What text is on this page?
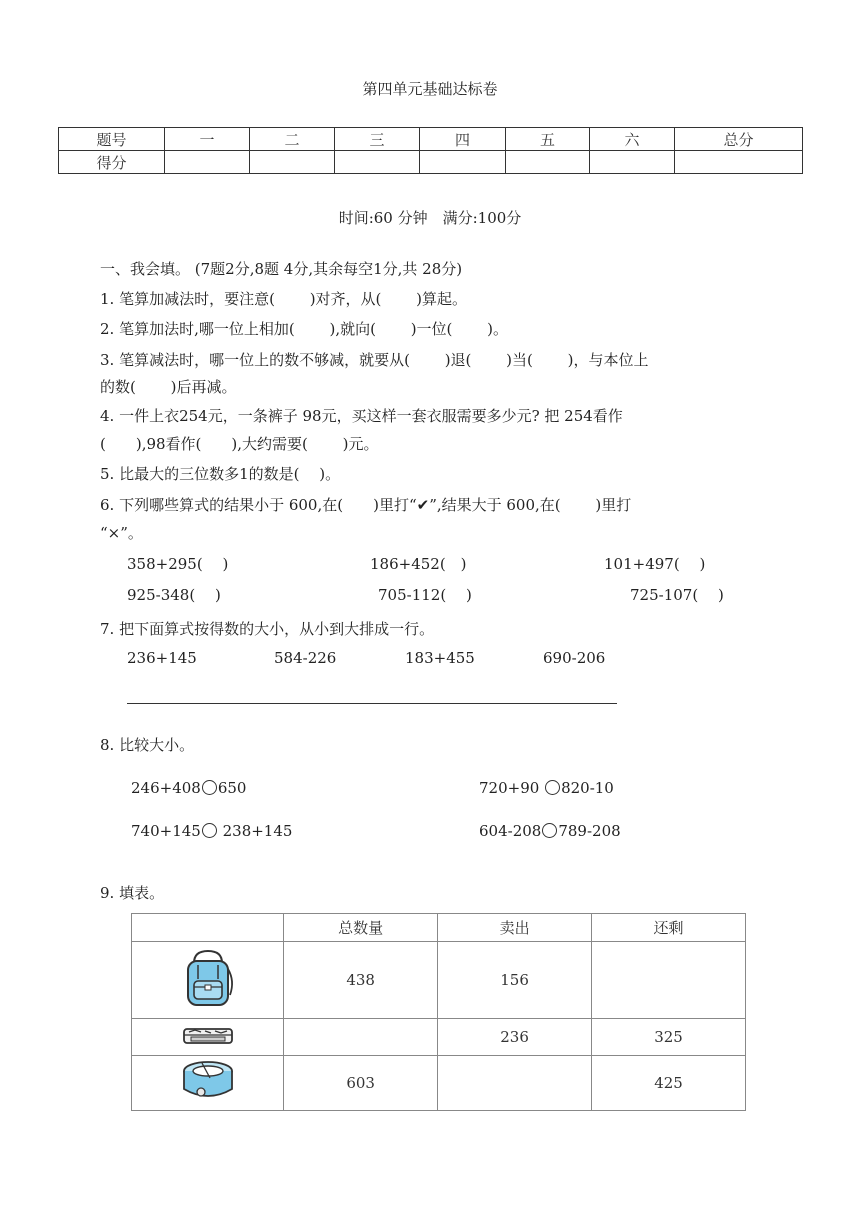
第四单元基础达标卷
题号	一	二	三	四	五	六	总分
得分							
时间:60 分钟　满分:100分
一、我会填。 (7题2分,8题 4分,其余每空1分,共 28分)
1. 笔算加减法时，要注意(　　 )对齐，从(　　 )算起。
2. 笔算加法时,哪一位上相加(　　 ),就向(　　 )一位(　　 )。
3. 笔算减法时，哪一位上的数不够减，就要从(　　 )退(　　 )当(　　 )，与本位上
的数(　　 )后再减。
4. 一件上衣254元，一条裤子 98元，买这样一套衣服需要多少元? 把 254看作
(　　),98看作(　　),大约需要(　　 )元。
5. 比最大的三位数多1的数是(　 )。
6. 下列哪些算式的结果小于 600,在(　　)里打“✔”,结果大于 600,在(　　 )里打
“×”。
358+295(　 )	186+452(　)	101+497(　 )
925-348(　 )	705-112(　 )	725-107(　 )
7. 把下面算式按得数的大小，从小到大排成一行。
236+145	584-226	183+455	690-206
8. 比较大小。
246+408 650	720+90 820-10
740+145 238+145	604-208 789-208
9. 填表。
	总数量	卖出	还剩
	438	156	
		236	325
	603		425
